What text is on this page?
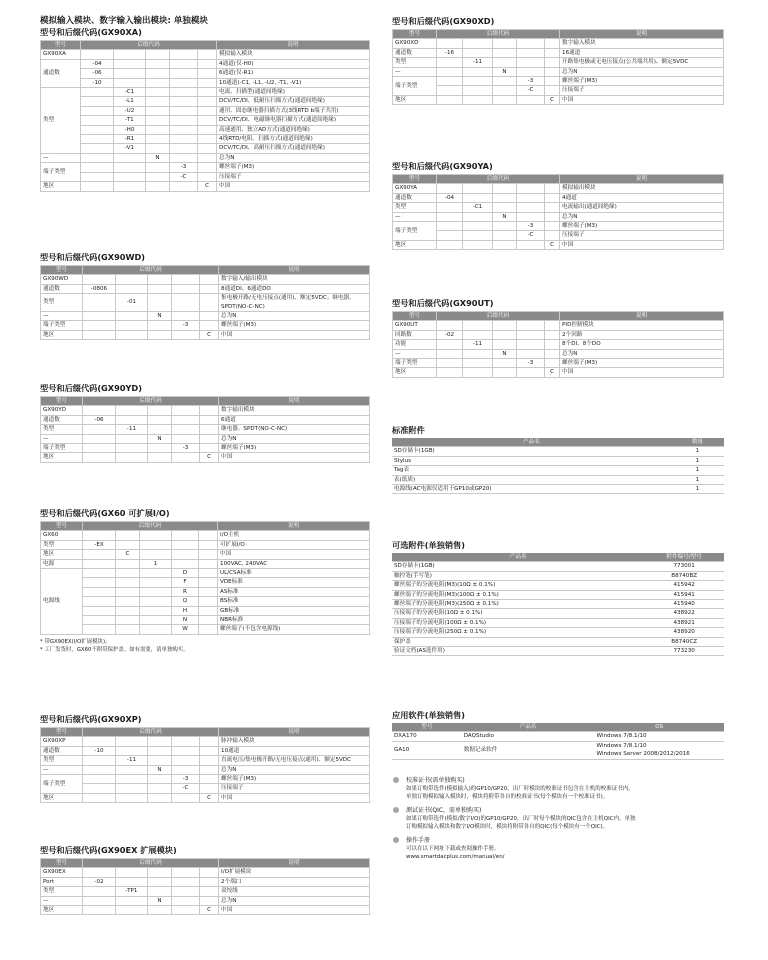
模拟输入模块、数字输入输出模块: 单独模块
型号和后缀代码(GX90XA)
型号	后缀代码					说明
GX90XA						模拟输入模块
通道数	-04					4通道(仅-H0)
	-06					6通道(仅-R1)
	-10					10通道(-C1, -L1, -U2, -T1, -V1)
类型		-C1				电流、扫描型(通道间绝缘)
		-L1				DCV/TC/DI、低耐压扫描方式(通道间绝缘)
		-U2				通用、固态继电器扫描方式(3线RTD b端子共用)
		-T1				DCV/TC/DI、电磁继电器扫描方式(通道间绝缘)
		-H0				高速通用、独立AD方式(通道间绝缘)
		-R1				4线RTD/电阻、扫描方式(通道间绝缘)
		-V1				DCV/TC/DI、高耐压扫描方式(通道间绝缘)
—			N			总为N
端子类型				-3		螺丝端子(M3)
				-C		压接端子
地区					C	中国
型号和后缀代码(GX90WD)
型号	后缀代码					说明
GX90WD						数字输入/输出模块
通道数	-0806					8通道DI、6通道DO
类型		-01				集电极开路/无电压接点(通用)、额定5VDC；继电器、SPDT(NO-C-NC)
—			N			总为N
端子类型				-3		螺丝端子(M3)
地区					C	中国
型号和后缀代码(GX90YD)
型号	后缀代码					说明
GX90YD						数字输出模块
通道数	-06					6通道
类型		-11				继电器、SPDT(NO-C-NC)
—			N			总为N
端子类型				-3		螺丝端子(M3)
地区					C	中国
型号和后缀代码(GX60 可扩展I/O)
型号	后缀代码					说明
GX60						I/O主机
类型	-EX					可扩展I/O
地区		C				中国
电源			1			100VAC, 240VAC
电源线				D		UL/CSA标准
				F		VDE标准
				R		AS标准
				Q		BS标准
				H		GB标准
				N		NBR标准
				W		螺丝端子(不包含电源线)
* 带GX90EX(I/O扩展模块)。
* 工厂发货时，GX60不附带保护盖。如有需要，请单独购买。
型号和后缀代码(GX90XP)
型号	后缀代码					说明
GX90XP						脉冲输入模块
通道数	-10					10通道
类型		-11				直流电压/集电极开路/无电压接点(通用)、额定5VDC
—			N			总为N
端子类型				-3		螺丝端子(M3)
				-C		压接端子
地区					C	中国
型号和后缀代码(GX90EX 扩展模块)
型号	后缀代码					说明
GX90EX						I/O扩展模块
Port	-02					2个端口
类型		-TP1				双绞线
—			N			总为N
地区					C	中国
型号和后缀代码(GX90XD)
型号	后缀代码					说明
GX90XD						数字输入模块
通道数	-16					16通道
类型		-11				开路集电极或无电压接点(公共端共用)、额定5VDC
—			N			总为N
端子类型				-3		螺丝端子(M3)
				-C		压接端子
地区					C	中国
型号和后缀代码(GX90YA)
型号	后缀代码					说明
GX90YA						模拟输出模块
通道数	-04					4通道
类型		-C1				电流输出(通道间绝缘)
—			N			总为N
端子类型				-3		螺丝端子(M3)
				-C		压接端子
地区					C	中国
型号和后缀代码(GX90UT)
型号	后缀代码					说明
GX90UT						PID控制模块
回路数	-02					2个回路
功能		-11				8个DI、8个DO
—			N			总为N
端子类型				-3		螺丝端子(M3)
地区					C	中国
标准附件
产品名	数量
SD存储卡(1GB)	1
Stylus	1
Tag表	1
表(纸质)	1
电源线(AC电源仅适用于GP10或GP20)	1
可选附件(单独销售)
产品名	附件编号/型号
SD存储卡(1GB)	773001
触控笔(手写笔)	B8740BZ
螺丝端子的分流电阻(M3)(10Ω ± 0.1%)	415942
螺丝端子的分流电阻(M3)(100Ω ± 0.1%)	415941
螺丝端子的分流电阻(M3)(250Ω ± 0.1%)	415940
压接端子的分流电阻(10Ω ± 0.1%)	438922
压接端子的分流电阻(100Ω ± 0.1%)	438921
压接端子的分流电阻(250Ω ± 0.1%)	438920
保护盖	B8740CZ
验证文档(AS选件用)	773230
应用软件(单独销售)
型号	产品名	OS
DXA170	DAQStudio	Windows 7/8.1/10
GA10	数据记录软件	Windows 7/8.1/10
Windows Server 2008/2012/2016
校准证书(需单独购买)
如果订购带选件(模拟输入)的GP10/GP20，出厂时模块的校准证书包含在主机的校准证书内。
单独订购模拟输入模块时，模块将附带各自的校准证书(每个模块有一个校准证书)。
测试证书(QIC，需单独购买)
如果订购带选件(模拟/数字I/O)的GP10/GP20，出厂时每个模块的QIC包含在主机QIC内。单独
订购模拟输入模块和数字I/O模块时，模块将附带各自的QIC(每个模块有一个QIC)。
操作手册
可以在以下网址下载或查阅操作手册。
www.smartdacplus.com/manual/en/
